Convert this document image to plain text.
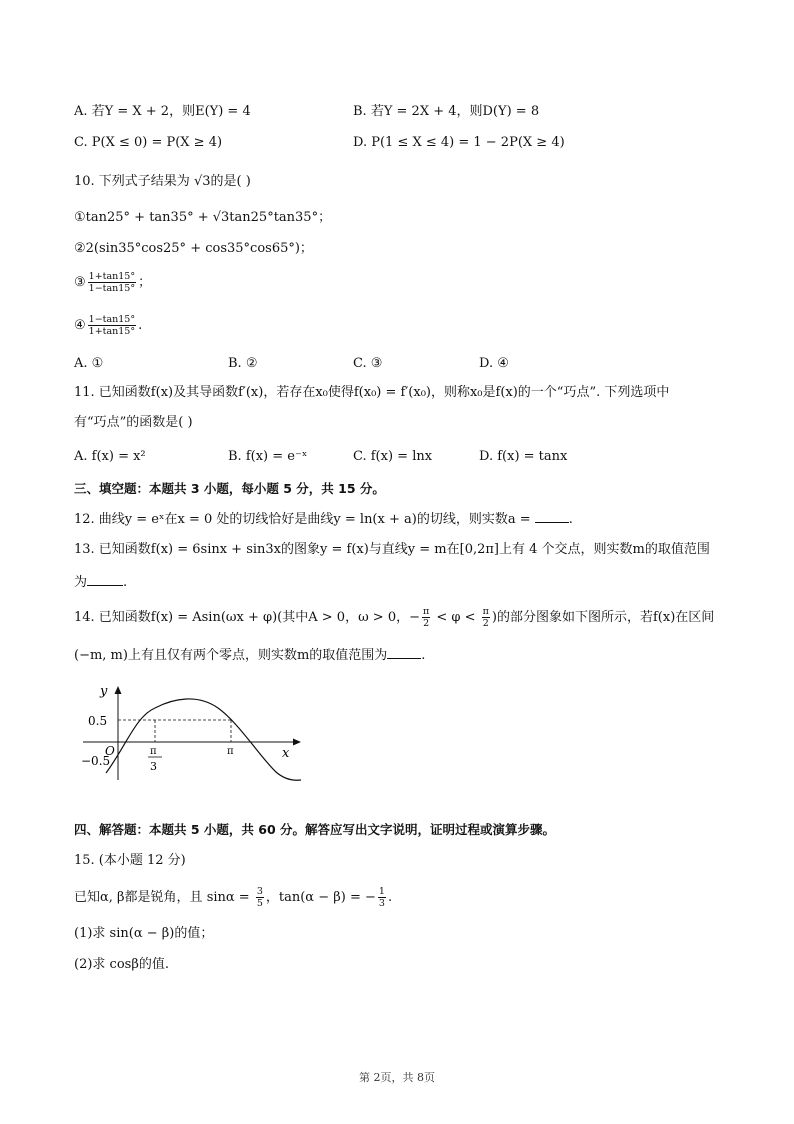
A. 若Y = X + 2，则E(Y) = 4	B. 若Y = 2X + 4，则D(Y) = 8
C. P(X ≤ 0) = P(X ≥ 4)	D. P(1 ≤ X ≤ 4) = 1 − 2P(X ≥ 4)
10. 下列式子结果为 √3的是( )
①tan25° + tan35° + √3tan25°tan35°；
②2(sin35°cos25° + cos35°cos65°)；
③ $\frac{1+\tan 15^\circ}{1-\tan 15^\circ}$ ；
④ $\frac{1-\tan 15^\circ}{1+\tan 15^\circ}$ .
A. ①	B. ②	C. ③	D. ④
11. 已知函数f(x)及其导函数f′(x)，若存在x₀使得f(x₀) = f′(x₀)，则称x₀是f(x)的一个“巧点”. 下列选项中
有“巧点”的函数是( )
A. f(x) = x²	B. f(x) = e⁻ˣ	C. f(x) = lnx	D. f(x) = tanx
三、填空题：本题共 3 小题，每小题 5 分，共 15 分。
12. 曲线y = eˣ在x = 0 处的切线恰好是曲线y = ln(x + a)的切线，则实数a =	.
13. 已知函数f(x) = 6sinx + sin3x的图象y = f(x)与直线y = m在[0,2π]上有 4 个交点，则实数m的取值范围
为	.
14. 已知函数f(x) = Asin(ωx + φ)(其中A > 0，ω > 0，− $\frac{\pi}{2} < \varphi < \frac{\pi}{2}$ )的部分图象如下图所示，若f(x)在区间
(−m, m)上有且仅有两个零点，则实数m的取值范围为	.
y
x
O
0.5
−0.5
π
3
π
四、解答题：本题共 5 小题，共 60 分。解答应写出文字说明，证明过程或演算步骤。
15. (本小题 12 分)
已知α, β都是锐角，且 $\sin\alpha = \frac{3}{5}$ ，tan(α − β) = − $\frac{1}{3}$ .
(1)求 sin(α − β)的值；
(2)求 cosβ的值.
第 2页，共 8页
